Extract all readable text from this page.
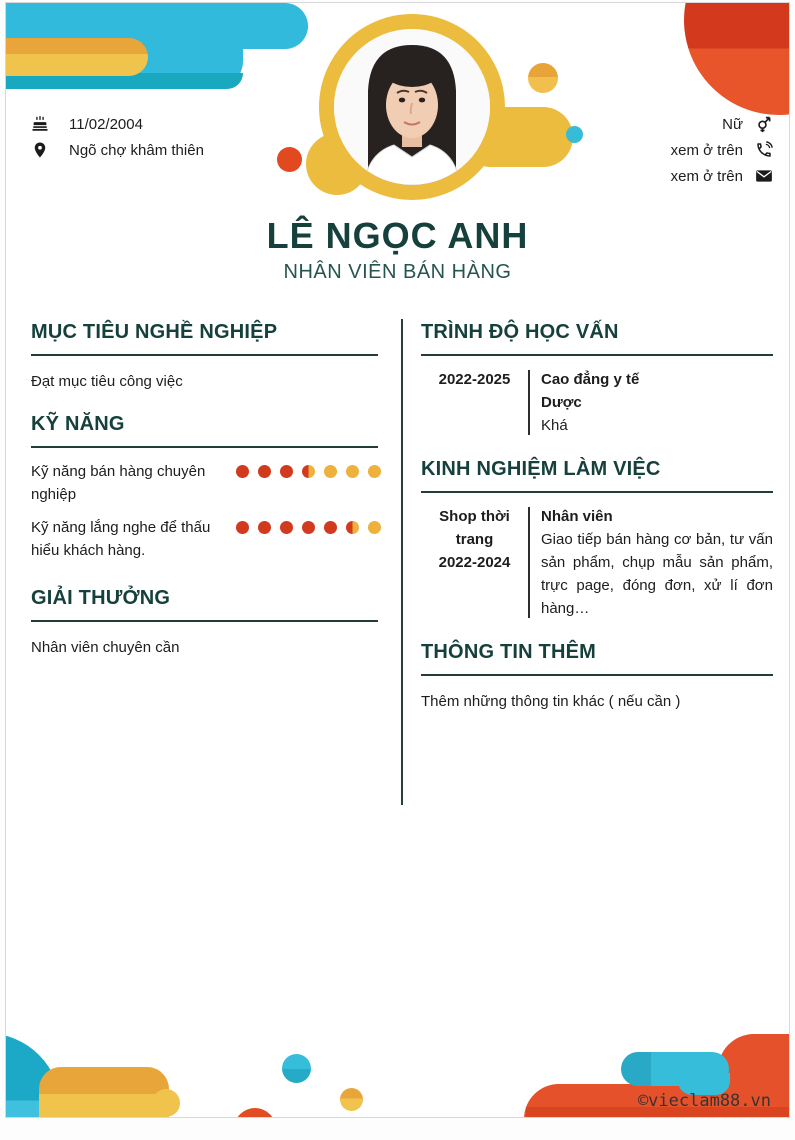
11/02/2004
Ngõ chợ khâm thiên
Nữ
xem ở trên
xem ở trên
LÊ NGỌC ANH
NHÂN VIÊN BÁN HÀNG
MỤC TIÊU NGHỀ NGHIỆP
Đạt mục tiêu công việc
KỸ NĂNG
Kỹ năng bán hàng chuyên nghiệp
Kỹ năng lắng nghe để thấu hiểu khách hàng.
GIẢI THƯỞNG
Nhân viên chuyên cần
TRÌNH ĐỘ HỌC VẤN
2022-2025	Cao đẳng y tế
Dược
Khá
KINH NGHIỆM LÀM VIỆC
Shop thời trang
2022-2024
Nhân viên
Giao tiếp bán hàng cơ bản, tư vấn sản phẩm, chụp mẫu sản phẩm, trực page, đóng đơn, xử lí đơn hàng…
THÔNG TIN THÊM
Thêm những thông tin khác ( nếu cần )
©vieclam88.vn
